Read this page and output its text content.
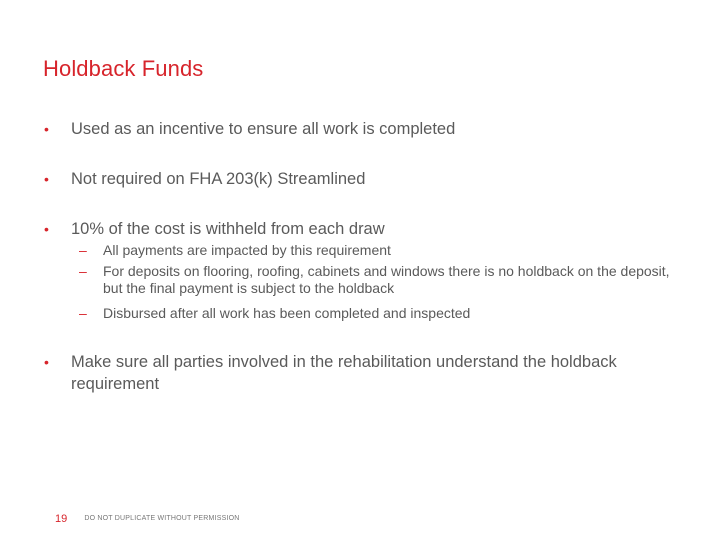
Holdback Funds
• Used as an incentive to ensure all work is completed
• Not required on FHA 203(k) Streamlined
• 10% of the cost is withheld from each draw
– All payments are impacted by this requirement
– For deposits on flooring, roofing, cabinets and windows there is no holdback on the deposit, but the final payment is subject to the holdback
– Disbursed after all work has been completed and inspected
• Make sure all parties involved in the rehabilitation understand the holdback requirement
19 DO NOT DUPLICATE WITHOUT PERMISSION
